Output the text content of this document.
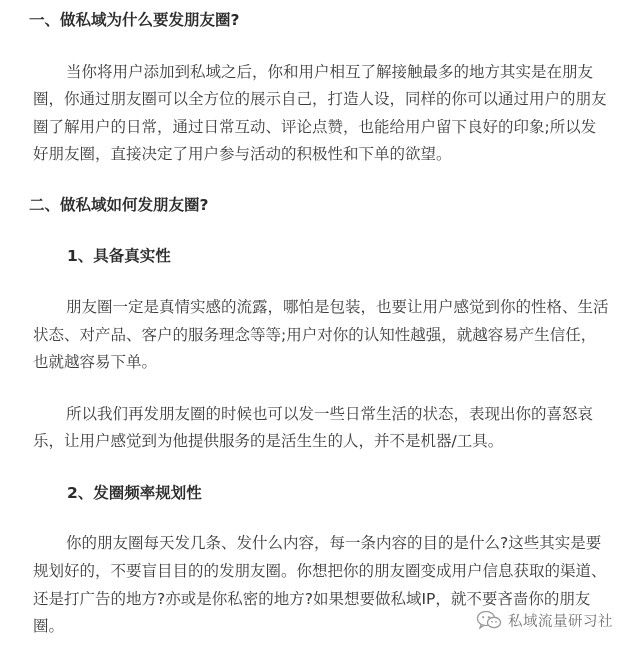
一、做私域为什么要发朋友圈?
当你将用户添加到私域之后，你和用户相互了解接触最多的地方其实是在朋友
圈，你通过朋友圈可以全方位的展示自己，打造人设，同样的你可以通过用户的朋友
圈了解用户的日常，通过日常互动、评论点赞，也能给用户留下良好的印象;所以发
好朋友圈，直接决定了用户参与活动的积极性和下单的欲望。
二、做私域如何发朋友圈?
1、具备真实性
朋友圈一定是真情实感的流露，哪怕是包装，也要让用户感觉到你的性格、生活
状态、对产品、客户的服务理念等等;用户对你的认知性越强，就越容易产生信任，
也就越容易下单。
所以我们再发朋友圈的时候也可以发一些日常生活的状态，表现出你的喜怒哀
乐，让用户感觉到为他提供服务的是活生生的人，并不是机器/工具。
2、发圈频率规划性
你的朋友圈每天发几条、发什么内容，每一条内容的目的是什么?这些其实是要
规划好的，不要盲目目的的发朋友圈。你想把你的朋友圈变成用户信息获取的渠道、
还是打广告的地方?亦或是你私密的地方?如果想要做私域IP，就不要吝啬你的朋友
圈。	私域流量研习社
